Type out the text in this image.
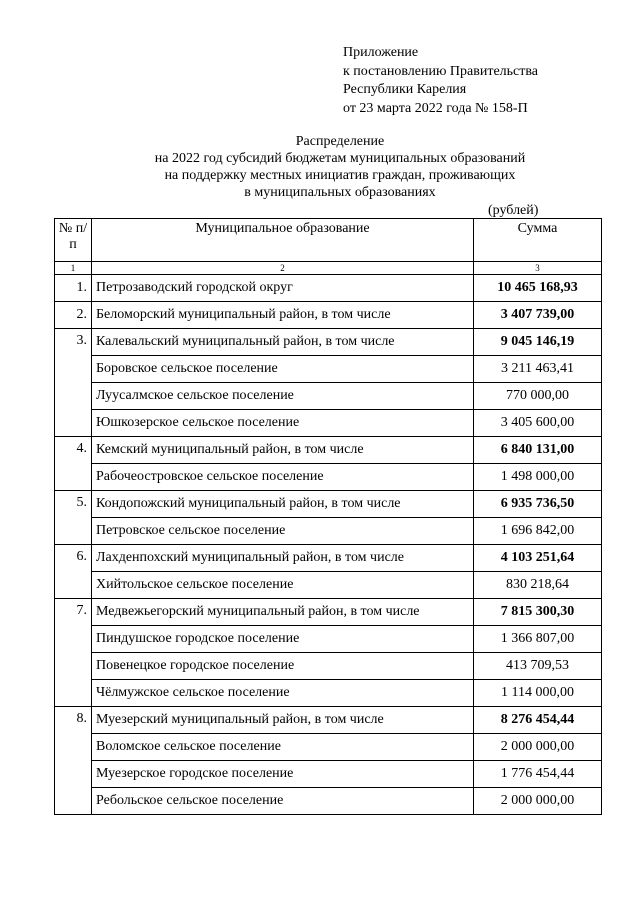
Приложение
к постановлению Правительства
Республики Карелия
от 23 марта 2022 года № 158-П
Распределение
на 2022 год субсидий бюджетам муниципальных образований
на поддержку местных инициатив граждан, проживающих
в муниципальных образованиях
(рублей)
№ п/п	Муниципальное образование	Сумма
1	2	3
1.	Петрозаводский городской округ	10 465 168,93
2.	Беломорский муниципальный район, в том числе	3 407 739,00
3.	Калевальский муниципальный район, в том числе	9 045 146,19
	Боровское сельское поселение	3 211 463,41
	Луусалмское сельское поселение	770 000,00
	Юшкозерское сельское поселение	3 405 600,00
4.	Кемский муниципальный район, в том числе	6 840 131,00
	Рабочеостровское сельское поселение	1 498 000,00
5.	Кондопожский муниципальный район, в том числе	6 935 736,50
	Петровское сельское поселение	1 696 842,00
6.	Лахденпохский муниципальный район, в том числе	4 103 251,64
	Хийтольское сельское поселение	830 218,64
7.	Медвежьегорский муниципальный район, в том числе	7 815 300,30
	Пиндушское городское поселение	1 366 807,00
	Повенецкое городское поселение	413 709,53
	Чёлмужское сельское поселение	1 114 000,00
8.	Муезерский муниципальный район, в том числе	8 276 454,44
	Воломское сельское поселение	2 000 000,00
	Муезерское городское поселение	1 776 454,44
	Ребольское сельское поселение	2 000 000,00
